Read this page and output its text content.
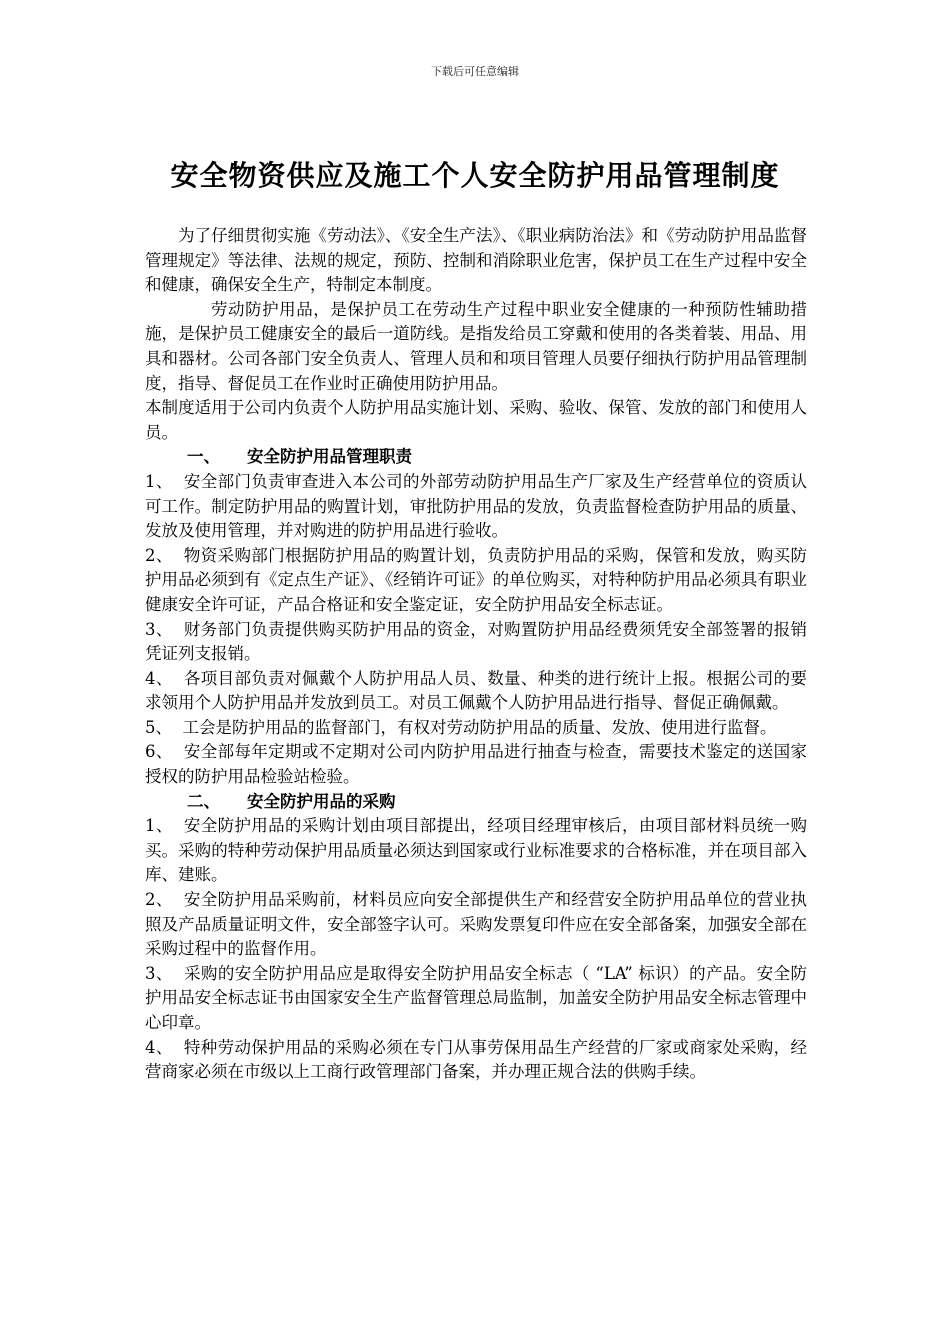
下载后可任意编辑
安全物资供应及施工个人安全防护用品管理制度

为了仔细贯彻实施《劳动法》、《安全生产法》、《职业病防治法》和《劳动防护用品监督管理规定》等法律、法规的规定，预防、控制和消除职业危害，保护员工在生产过程中安全和健康，确保安全生产，特制定本制度。

劳动防护用品，是保护员工在劳动生产过程中职业安全健康的一种预防性辅助措施，是保护员工健康安全的最后一道防线。是指发给员工穿戴和使用的各类着装、用品、用具和器材。公司各部门安全负责人、管理人员和和项目管理人员要仔细执行防护用品管理制度，指导、督促员工在作业时正确使用防护用品。

本制度适用于公司内负责个人防护用品实施计划、采购、验收、保管、发放的部门和使用人员。

一、 安全防护用品管理职责

1、 安全部门负责审查进入本公司的外部劳动防护用品生产厂家及生产经营单位的资质认可工作。制定防护用品的购置计划，审批防护用品的发放，负责监督检查防护用品的质量、发放及使用管理，并对购进的防护用品进行验收。

2、 物资采购部门根据防护用品的购置计划，负责防护用品的采购，保管和发放，购买防护用品必须到有《定点生产证》、《经销许可证》的单位购买，对特种防护用品必须具有职业健康安全许可证，产品合格证和安全鉴定证，安全防护用品安全标志证。

3、 财务部门负责提供购买防护用品的资金，对购置防护用品经费须凭安全部签署的报销凭证列支报销。

4、 各项目部负责对佩戴个人防护用品人员、数量、种类的进行统计上报。根据公司的要求领用个人防护用品并发放到员工。对员工佩戴个人防护用品进行指导、督促正确佩戴。

5、 工会是防护用品的监督部门，有权对劳动防护用品的质量、发放、使用进行监督。

6、 安全部每年定期或不定期对公司内防护用品进行抽查与检查，需要技术鉴定的送国家授权的防护用品检验站检验。

二、 安全防护用品的采购

1、 安全防护用品的采购计划由项目部提出，经项目经理审核后，由项目部材料员统一购买。采购的特种劳动保护用品质量必须达到国家或行业标准要求的合格标准，并在项目部入库、建账。

2、 安全防护用品采购前，材料员应向安全部提供生产和经营安全防护用品单位的营业执照及产品质量证明文件，安全部签字认可。采购发票复印件应在安全部备案，加强安全部在采购过程中的监督作用。

3、 采购的安全防护用品应是取得安全防护用品安全标志（ “LA” 标识）的产品。安全防护用品安全标志证书由国家安全生产监督管理总局监制，加盖安全防护用品安全标志管理中心印章。

4、 特种劳动保护用品的采购必须在专门从事劳保用品生产经营的厂家或商家处采购，经营商家必须在市级以上工商行政管理部门备案，并办理正规合法的供购手续。
